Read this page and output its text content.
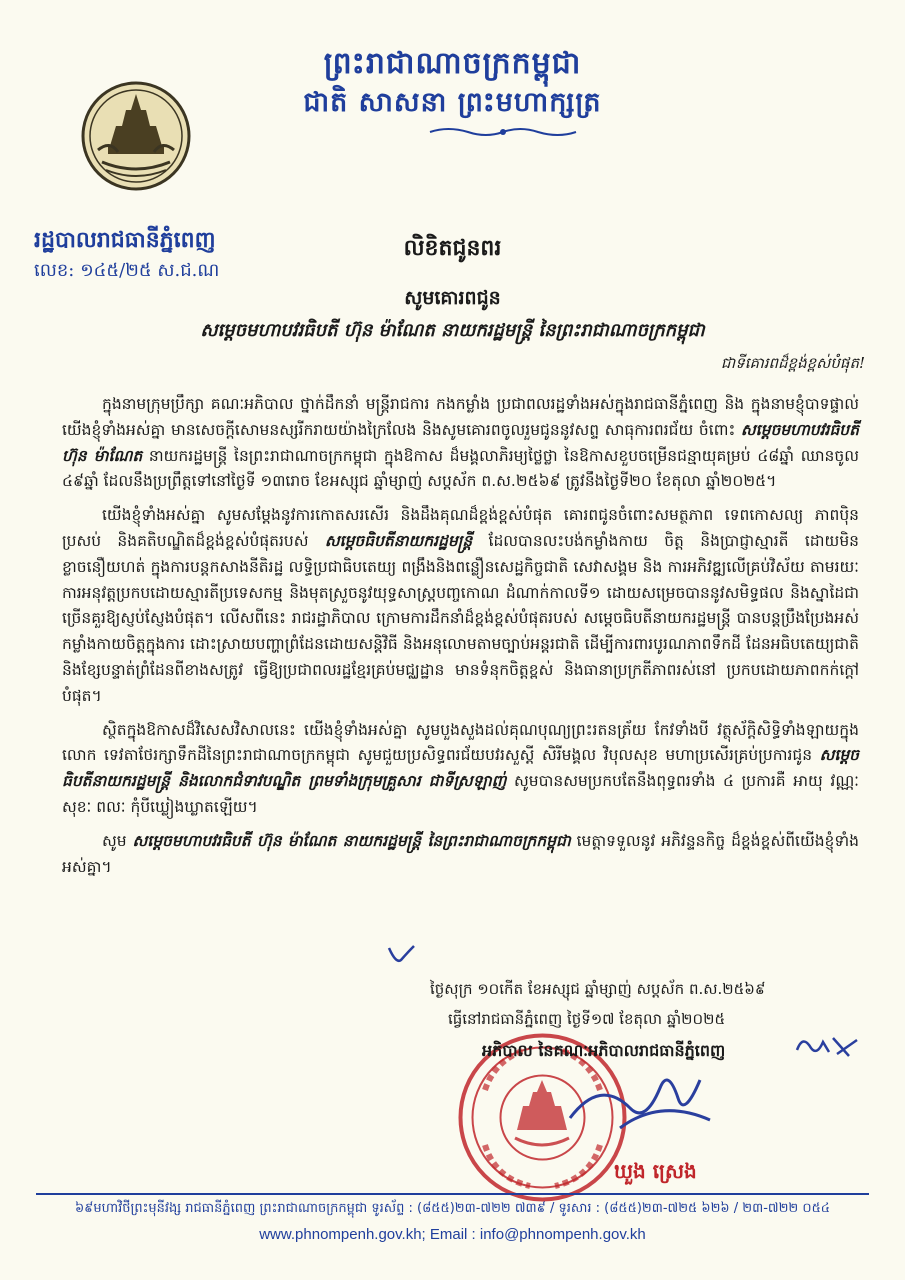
ព្រះរាជាណាចក្រកម្ពុជា
ជាតិ សាសនា ព្រះមហាក្សត្រ
រដ្ឋបាលរាជធានីភ្នំពេញ
លេខ: ១៤៥/២៥ ស.ជ.ណ
លិខិតជូនពរ
សូមគោរពជូន
សម្តេចមហាបវរធិបតី ហ៊ុន ម៉ាណែត នាយករដ្ឋមន្ត្រី នៃព្រះរាជាណាចក្រកម្ពុជា
ជាទីគោរពដ៏ខ្ពង់ខ្ពស់បំផុត!

ក្នុងនាមក្រុមប្រឹក្សា គណៈអភិបាល ថ្នាក់ដឹកនាំ មន្ត្រីរាជការ កងកម្លាំង ប្រជាពលរដ្ឋទាំងអស់ក្នុងរាជធានីភ្នំពេញ និង ក្នុងនាមខ្ញុំបាទផ្ទាល់ យើងខ្ញុំទាំងអស់គ្នា មានសេចក្តីសោមនស្សរីករាយយ៉ាងក្រៃលែង និងសូមគោរពចូលរួមជូននូវសព្ទ សាធុការពរជ័យ ចំពោះ សម្តេចមហាបវរធិបតី ហ៊ុន ម៉ាណែត នាយករដ្ឋមន្ត្រី នៃព្រះរាជាណាចក្រកម្ពុជា ក្នុងឱកាស ដ៏មង្គលាភិរម្យថ្លៃថ្លា នៃឱកាសខួបចម្រើនជន្មាយុគម្រប់ ៤៨ឆ្នាំ ឈានចូល ៤៩ឆ្នាំ ដែលនឹងប្រព្រឹត្តទៅនៅថ្ងៃទី ១៣រោច ខែអស្សុជ ឆ្នាំម្សាញ់ សប្តស័ក ព.ស.២៥៦៩ ត្រូវនឹងថ្ងៃទី២០ ខែតុលា ឆ្នាំ២០២៥។

យើងខ្ញុំទាំងអស់គ្នា សូមសម្តែងនូវការកោតសរសើរ និងដឹងគុណដ៏ខ្ពង់ខ្ពស់បំផុត គោរពជូនចំពោះសមត្ថភាព ទេពកោសល្យ ភាពប៉ិនប្រសប់ និងគតិបណ្ឌិតដ៏ខ្ពង់ខ្ពស់បំផុតរបស់ សម្តេចធិបតីនាយករដ្ឋមន្ត្រី ដែលបានលះបង់កម្លាំងកាយ ចិត្ត និងប្រាជ្ញាស្មារតី ដោយមិនខ្លាចនឿយហត់ ក្នុងការបន្តកសាងនីតិរដ្ឋ លទ្ធិប្រជាធិបតេយ្យ ពង្រឹងនិងពន្លឿនសេដ្ឋកិច្ចជាតិ សេវាសង្គម និង ការអភិវឌ្ឍលើគ្រប់វិស័យ តាមរយៈការអនុវត្តប្រកបដោយស្មារតីប្រទេសកម្ម និងមុតស្រួចនូវយុទ្ធសាស្ត្របញ្ចកោណ ដំណាក់កាលទី១ ដោយសម្រេចបាននូវសមិទ្ធផល និងស្នាដៃជាច្រើនគួរឱ្យស្ញប់ស្ញែងបំផុត។ លើសពីនេះ រាជរដ្ឋាភិបាល ក្រោមការដឹកនាំដ៏ខ្ពង់ខ្ពស់បំផុតរបស់ សម្តេចធិបតីនាយករដ្ឋមន្ត្រី បានបន្តប្រឹងប្រែងអស់កម្លាំងកាយចិត្តក្នុងការ ដោះស្រាយបញ្ហាព្រំដែនដោយសន្តិវិធី និងអនុលោមតាមច្បាប់អន្តរជាតិ ដើម្បីការពារបូរណភាពទឹកដី ដែនអធិបតេយ្យជាតិ និងខ្សែបន្ទាត់ព្រំដែនពីខាងសត្រូវ ធ្វើឱ្យប្រជាពលរដ្ឋខ្មែរគ្រប់មជ្ឈដ្ឋាន មានទំនុកចិត្តខ្ពស់ និងធានាប្រក្រតីភាពរស់នៅ ប្រកបដោយភាពកក់ក្តៅបំផុត។

ស្ថិតក្នុងឱកាសដ៏វិសេសវិសាលនេះ យើងខ្ញុំទាំងអស់គ្នា សូមបួងសួងដល់គុណបុណ្យព្រះរតនត្រ័យ កែវទាំងបី វត្ថុស័ក្តិសិទ្ធិទាំងឡាយក្នុងលោក ទេវតាថែរក្សាទឹកដីនៃព្រះរាជាណាចក្រកម្ពុជា សូមជួយប្រសិទ្ធពរជ័យបវរសួស្តី សិរីមង្គល វិបុលសុខ មហាប្រសើរគ្រប់ប្រការជូន សម្តេចធិបតីនាយករដ្ឋមន្ត្រី និងលោកជំទាវបណ្ឌិត ព្រមទាំងក្រុមគ្រួសារ ជាទីស្រឡាញ់ សូមបានសមប្រកបតែនឹងពុទ្ធពរទាំង ៤ ប្រការគឺ អាយុ វណ្ណៈ សុខៈ ពលៈ កុំបីឃ្លៀងឃ្លាតឡើយ។

សូម សម្តេចមហាបវរធិបតី ហ៊ុន ម៉ាណែត នាយករដ្ឋមន្ត្រី នៃព្រះរាជាណាចក្រកម្ពុជា មេត្តាទទួលនូវ អភិវន្ទនកិច្ច ដ៏ខ្ពង់ខ្ពស់ពីយើងខ្ញុំទាំងអស់គ្នា។

ថ្ងៃសុក្រ ១០កើត ខែអស្សុជ ឆ្នាំម្សាញ់ សប្តស័ក ព.ស.២៥៦៩
ធ្វើនៅរាជធានីភ្នំពេញ ថ្ងៃទី១៧ ខែតុលា ឆ្នាំ២០២៥
អភិបាល នៃគណៈអភិបាលរាជធានីភ្នំពេញ
ឃួង ស្រេង
៦៩មហាវិថីព្រះមុនីវង្ស រាជធានីភ្នំពេញ ព្រះរាជាណាចក្រកម្ពុជា ទូរស័ព្ទ : (៨៥៥)២៣-៧២២ ៧៣៩ / ទូរសារ : (៨៥៥)២៣-៧២៥ ៦២៦ / ២៣-៧២២ ០៥៤
www.phnompenh.gov.kh; Email : info@phnompenh.gov.kh
